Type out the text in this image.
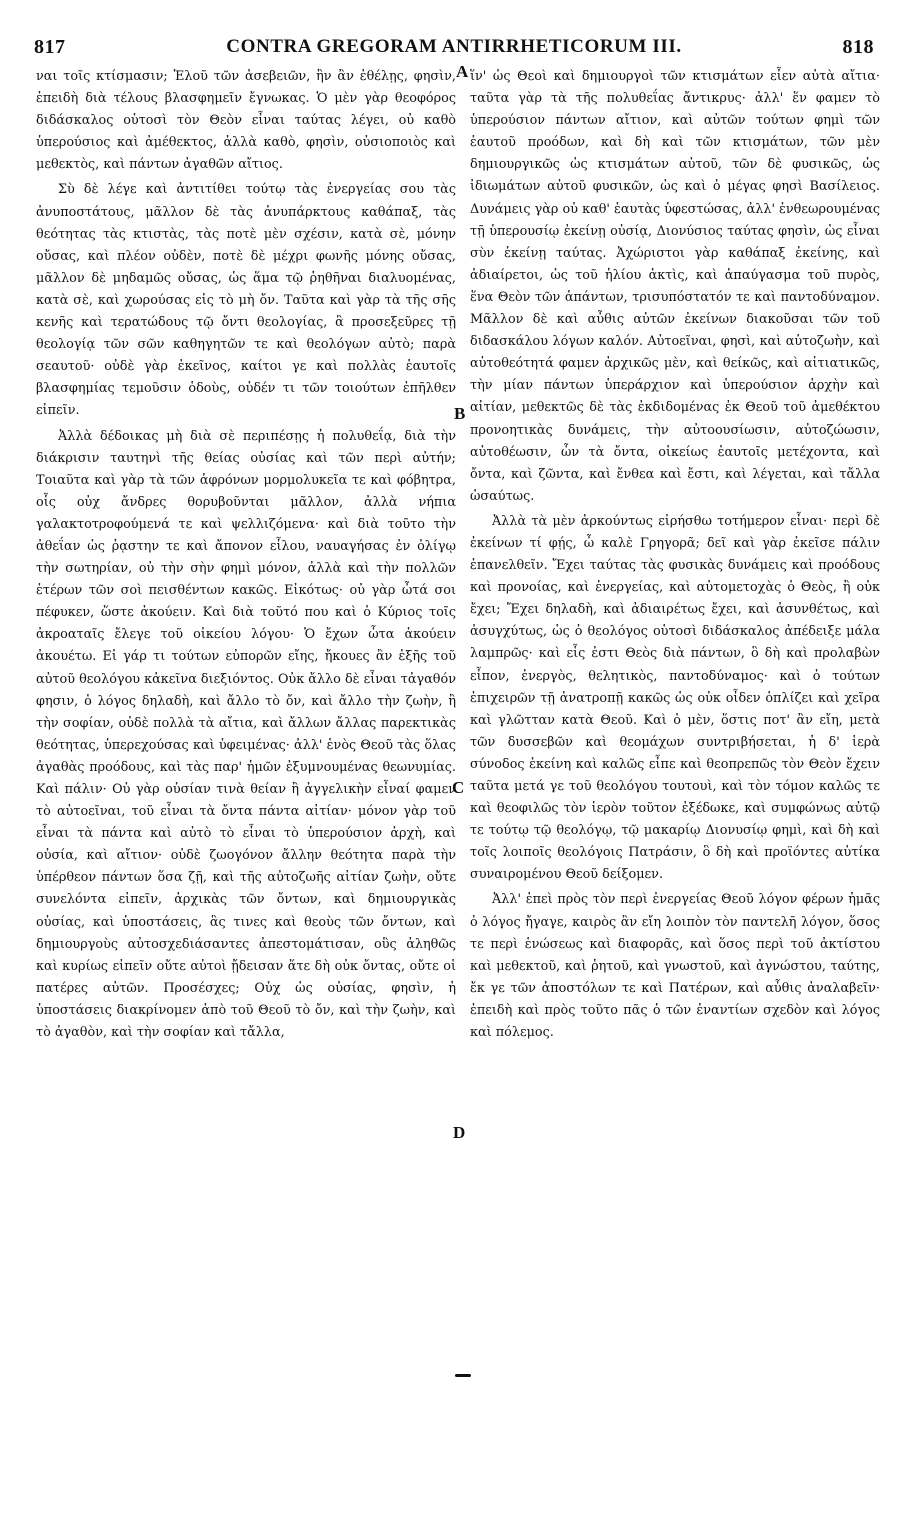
817	CONTRA GREGORAM ANTIRRHETICORUM III.	818

ναι τοῖς κτίσμασιν; Ἑλοῦ τῶν ἀσεβειῶν, ἣν ἂν ἐθέλῃς, φησὶν, ἐπειδὴ διὰ τέλους βλασφημεῖν ἔγνωκας. Ὁ μὲν γὰρ θεοφόρος διδάσκαλος οὑτοσὶ τὸν Θεὸν εἶναι ταύτας λέγει, οὐ καθὸ ὑπερούσιος καὶ ἀμέθεκτος, ἀλλὰ καθὸ, φησὶν, οὐσιοποιὸς καὶ μεθεκτὸς, καὶ πάντων ἀγαθῶν αἴτιος.

Σὺ δὲ λέγε καὶ ἀντιτίθει τούτῳ τὰς ἐνεργείας σου τὰς ἀνυποστάτους, μᾶλλον δὲ τὰς ἀνυπάρκτους καθάπαξ, τὰς θεότητας τὰς κτιστὰς, τὰς ποτὲ μὲν σχέσιν, κατὰ σὲ, μόνην οὔσας, καὶ πλέον οὐδὲν, ποτὲ δὲ μέχρι φωνῆς μόνης οὔσας, μᾶλλον δὲ μηδαμῶς οὔσας, ὡς ἅμα τῷ ῥηθῆναι διαλυομένας, κατὰ σὲ, καὶ χωρούσας εἰς τὸ μὴ ὄν. Ταῦτα καὶ γὰρ τὰ τῆς σῆς κενῆς καὶ τερατώδους τῷ ὄντι θεολογίας, ἃ προσεξεῦρες τῇ θεολογίᾳ τῶν σῶν καθηγητῶν τε καὶ θεολόγων αὐτὸ; παρὰ σεαυτοῦ· οὐδὲ γὰρ ἐκεῖνος, καίτοι γε καὶ πολλὰς ἑαυτοῖς βλασφημίας τεμοῦσιν ὁδοὺς, οὐδέν τι τῶν τοιούτων ἐπῆλθεν εἰπεῖν.

Ἀλλὰ δέδοικας μὴ διὰ σὲ περιπέσῃς ἡ πολυθεΐᾳ, διὰ τὴν διάκρισιν ταυτηνὶ τῆς θείας οὐσίας καὶ τῶν περὶ αὐτήν; Τοιαῦτα καὶ γὰρ τὰ τῶν ἀφρόνων μορμολυκεῖα τε καὶ φόβητρα, οἷς οὐχ ἄνδρες θορυβοῦνται μᾶλλον, ἀλλὰ νήπια γαλακτοτροφούμενά τε καὶ ψελλιζόμενα· καὶ διὰ τοῦτο τὴν ἀθεΐαν ὡς ῥᾳστην τε καὶ ἄπονον εἷλου, ναυαγήσας ἐν ὀλίγῳ τὴν σωτηρίαν, οὐ τὴν σὴν φημὶ μόνον, ἀλλὰ καὶ τὴν πολλῶν ἑτέρων τῶν σοὶ πεισθέντων κακῶς. Εἰκότως· οὐ γὰρ ὦτά σοι πέφυκεν, ὥστε ἀκούειν. Καὶ διὰ τοῦτό που καὶ ὁ Κύριος τοῖς ἀκροαταῖς ἔλεγε τοῦ οἰκείου λόγου· Ὁ ἔχων ὦτα ἀκούειν ἀκουέτω. Εἰ γάρ τι τούτων εὐπορῶν εἴης, ἤκουες ἂν ἑξῆς τοῦ αὐτοῦ θεολόγου κἀκεῖνα διεξιόντος. Οὐκ ἄλλο δὲ εἶναι τἀγαθόν φησιν, ὁ λόγος δηλαδὴ, καὶ ἄλλο τὸ ὄν, καὶ ἄλλο τὴν ζωὴν, ἢ τὴν σοφίαν, οὐδὲ πολλὰ τὰ αἴτια, καὶ ἄλλων ἄλλας παρεκτικὰς θεότητας, ὑπερεχούσας καὶ ὑφειμένας· ἀλλ' ἑνὸς Θεοῦ τὰς ὅλας ἀγαθὰς προόδους, καὶ τὰς παρ' ἡμῶν ἐξυμνουμένας θεωνυμίας. Καὶ πάλιν· Οὐ γὰρ οὐσίαν τινὰ θείαν ἢ ἀγγελικὴν εἶναί φαμεν τὸ αὐτοεῖναι, τοῦ εἶναι τὰ ὄντα πάντα αἰτίαν· μόνον γὰρ τοῦ εἶναι τὰ πάντα καὶ αὐτὸ τὸ εἶναι τὸ ὑπερούσιον ἀρχὴ, καὶ οὐσία, καὶ αἴτιον· οὐδὲ ζωογόνον ἄλλην θεότητα παρὰ τὴν ὑπέρθεον πάντων ὅσα ζῇ, καὶ τῆς αὐτοζωῆς αἰτίαν ζωὴν, οὔτε συνελόντα εἰπεῖν, ἀρχικὰς τῶν ὄντων, καὶ δημιουργικὰς οὐσίας, καὶ ὑποστάσεις, ἃς τινες καὶ θεοὺς τῶν ὄντων, καὶ δημιουργοὺς αὐτοσχεδιάσαντες ἀπεστομάτισαν, οὓς ἀληθῶς καὶ κυρίως εἰπεῖν οὔτε αὐτοὶ ᾔδεισαν ἅτε δὴ οὐκ ὄντας, οὔτε οἱ πατέρες αὐτῶν. Προσέσχες; Οὐχ ὡς οὐσίας, φησὶν, ἡ ὑποστάσεις διακρίνομεν ἀπὸ τοῦ Θεοῦ τὸ ὄν, καὶ τὴν ζωὴν, καὶ τὸ ἀγαθὸν, καὶ τὴν σοφίαν καὶ τἄλλα,

ἵν' ὡς Θεοὶ καὶ δημιουργοὶ τῶν κτισμάτων εἶεν αὐτὰ αἴτια· ταῦτα γὰρ τὰ τῆς πολυθεΐας ἄντικρυς· ἀλλ' ἕν φαμεν τὸ ὑπερούσιον πάντων αἴτιον, καὶ αὐτῶν τούτων φημὶ τῶν ἑαυτοῦ προόδων, καὶ δὴ καὶ τῶν κτισμάτων, τῶν μὲν δημιουργικῶς ὡς κτισμάτων αὐτοῦ, τῶν δὲ φυσικῶς, ὡς ἰδιωμάτων αὐτοῦ φυσικῶν, ὡς καὶ ὁ μέγας φησὶ Βασίλειος. Δυνάμεις γὰρ οὐ καθ' ἑαυτὰς ὑφεστώσας, ἀλλ' ἐνθεωρουμένας τῇ ὑπερουσίῳ ἐκείνῃ οὐσίᾳ, Διονύσιος ταύτας φησὶν, ὡς εἶναι σὺν ἐκείνῃ ταύτας. Ἀχώριστοι γὰρ καθάπαξ ἐκείνης, καὶ ἀδιαίρετοι, ὡς τοῦ ἡλίου ἀκτὶς, καὶ ἀπαύγασμα τοῦ πυρὸς, ἕνα Θεὸν τῶν ἁπάντων, τρισυπόστατόν τε καὶ παντοδύναμον. Μᾶλλον δὲ καὶ αὖθις αὐτῶν ἐκείνων διακοῦσαι τῶν τοῦ διδασκάλου λόγων καλόν. Αὐτοεῖναι, φησὶ, καὶ αὐτοζωὴν, καὶ αὐτοθεότητά φαμεν ἀρχικῶς μὲν, καὶ θείκῶς, καὶ αἰτιατικῶς, τὴν μίαν πάντων ὑπεράρχιον καὶ ὑπερούσιον ἀρχὴν καὶ αἰτίαν, μεθεκτῶς δὲ τὰς ἐκδιδομένας ἐκ Θεοῦ τοῦ ἀμεθέκτου προνοητικὰς δυνάμεις, τὴν αὐτοουσίωσιν, αὐτοζώωσιν, αὐτοθέωσιν, ὧν τὰ ὄντα, οἰκείως ἑαυτοῖς μετέχοντα, καὶ ὄντα, καὶ ζῶντα, καὶ ἔνθεα καὶ ἔστι, καὶ λέγεται, καὶ τἄλλα ὡσαύτως.

Ἀλλὰ τὰ μὲν ἀρκούντως εἰρήσθω τοτήμερον εἶναι· περὶ δὲ ἐκείνων τί φῄς, ὦ καλὲ Γρηγορᾶ; δεῖ καὶ γὰρ ἐκεῖσε πάλιν ἐπανελθεῖν. Ἔχει ταύτας τὰς φυσικὰς δυνάμεις καὶ προόδους καὶ προνοίας, καὶ ἐνεργείας, καὶ αὐτομετοχὰς ὁ Θεὸς, ἢ οὐκ ἔχει; Ἔχει δηλαδὴ, καὶ ἀδιαιρέτως ἔχει, καὶ ἀσυνθέτως, καὶ ἀσυγχύτως, ὡς ὁ θεολόγος οὑτοσὶ διδάσκαλος ἀπέδειξε μάλα λαμπρῶς· καὶ εἷς ἐστι Θεὸς διὰ πάντων, ὃ δὴ καὶ προλαβὼν εἶπον, ἐνεργὸς, θελητικὸς, παντοδύναμος· καὶ ὁ τούτων ἐπιχειρῶν τῇ ἀνατροπῇ κακῶς ὡς οὐκ οἶδεν ὁπλίζει καὶ χεῖρα καὶ γλῶτταν κατὰ Θεοῦ. Καὶ ὁ μὲν, ὅστις ποτ' ἂν εἴη, μετὰ τῶν δυσσεβῶν καὶ θεομάχων συντριβήσεται, ἡ δ' ἱερὰ σύνοδος ἐκείνη καὶ καλῶς εἶπε καὶ θεοπρεπῶς τὸν Θεὸν ἔχειν ταῦτα μετά γε τοῦ θεολόγου τουτουὶ, καὶ τὸν τόμον καλῶς τε καὶ θεοφιλῶς τὸν ἱερὸν τοῦτον ἐξέδωκε, καὶ συμφώνως αὐτῷ τε τούτῳ τῷ θεολόγῳ, τῷ μακαρίῳ Διονυσίῳ φημὶ, καὶ δὴ καὶ τοῖς λοιποῖς θεολόγοις Πατράσιν, ὃ δὴ καὶ προϊόντες αὐτίκα συναιρομένου Θεοῦ δείξομεν.

Ἀλλ' ἐπεὶ πρὸς τὸν περὶ ἐνεργείας Θεοῦ λόγον φέρων ἡμᾶς ὁ λόγος ἤγαγε, καιρὸς ἂν εἴη λοιπὸν τὸν παντελῆ λόγον, ὅσος τε περὶ ἑνώσεως καὶ διαφορᾶς, καὶ ὅσος περὶ τοῦ ἀκτίστου καὶ μεθεκτοῦ, καὶ ῥητοῦ, καὶ γνωστοῦ, καὶ ἀγνώστου, ταύτης, ἔκ γε τῶν ἀποστόλων τε καὶ Πατέρων, καὶ αὖθις ἀναλαβεῖν· ἐπειδὴ καὶ πρὸς τοῦτο πᾶς ὁ τῶν ἐναντίων σχεδὸν καὶ λόγος καὶ πόλεμος.

A
B
C
D
